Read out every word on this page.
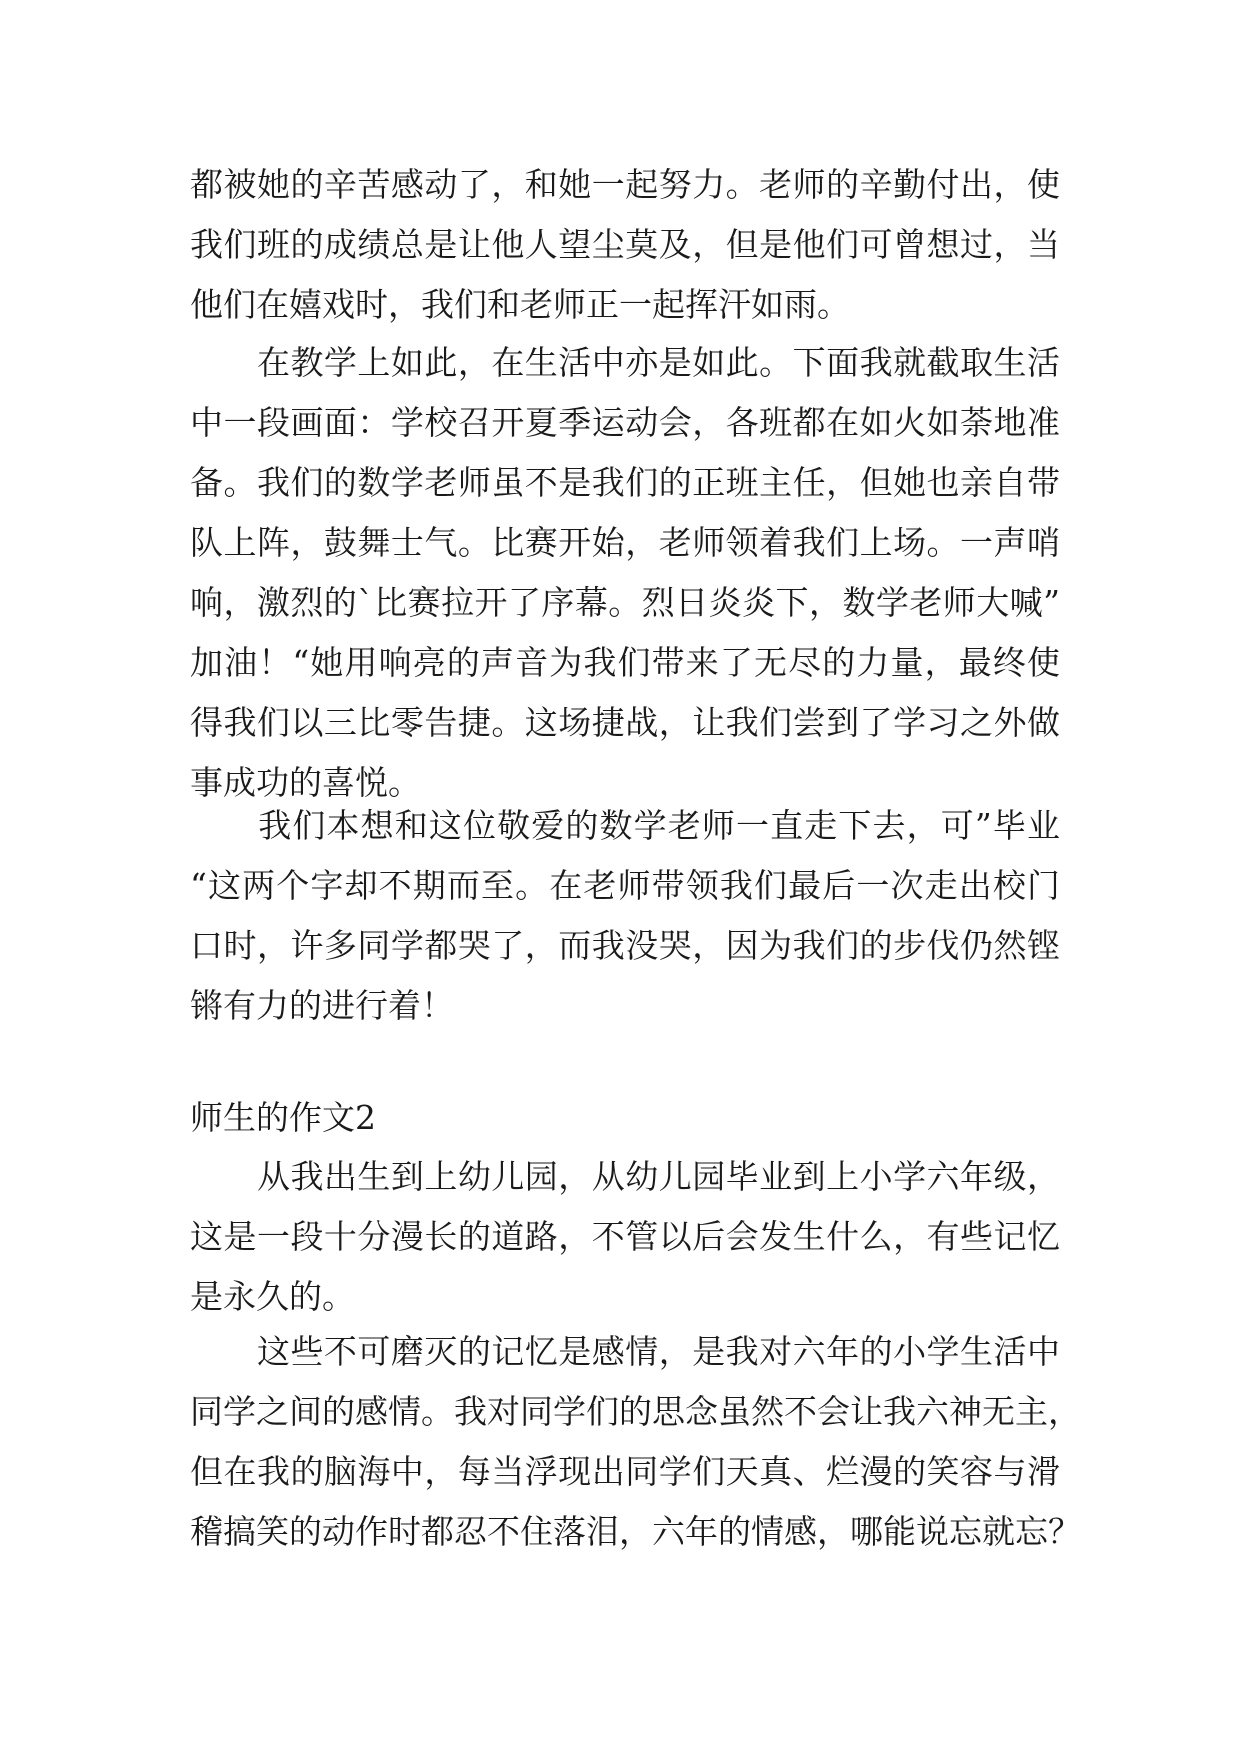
都被她的辛苦感动了，和她一起努力。老师的辛勤付出，使
我们班的成绩总是让他人望尘莫及，但是他们可曾想过，当
他们在嬉戏时，我们和老师正一起挥汗如雨。
　　在教学上如此，在生活中亦是如此。下面我就截取生活
中一段画面：学校召开夏季运动会，各班都在如火如荼地准
备。我们的数学老师虽不是我们的正班主任，但她也亲自带
队上阵，鼓舞士气。比赛开始，老师领着我们上场。一声哨
响，激烈的`比赛拉开了序幕。烈日炎炎下，数学老师大喊”
加油！“她用响亮的声音为我们带来了无尽的力量，最终使
得我们以三比零告捷。这场捷战，让我们尝到了学习之外做
事成功的喜悦。
　　我们本想和这位敬爱的数学老师一直走下去，可”毕业
“这两个字却不期而至。在老师带领我们最后一次走出校门
口时，许多同学都哭了，而我没哭，因为我们的步伐仍然铿
锵有力的进行着！
师生的作文2
　　从我出生到上幼儿园，从幼儿园毕业到上小学六年级，
这是一段十分漫长的道路，不管以后会发生什么，有些记忆
是永久的。
　　这些不可磨灭的记忆是感情，是我对六年的小学生活中
同学之间的感情。我对同学们的思念虽然不会让我六神无主，
但在我的脑海中，每当浮现出同学们天真、烂漫的笑容与滑
稽搞笑的动作时都忍不住落泪，六年的情感，哪能说忘就忘？
